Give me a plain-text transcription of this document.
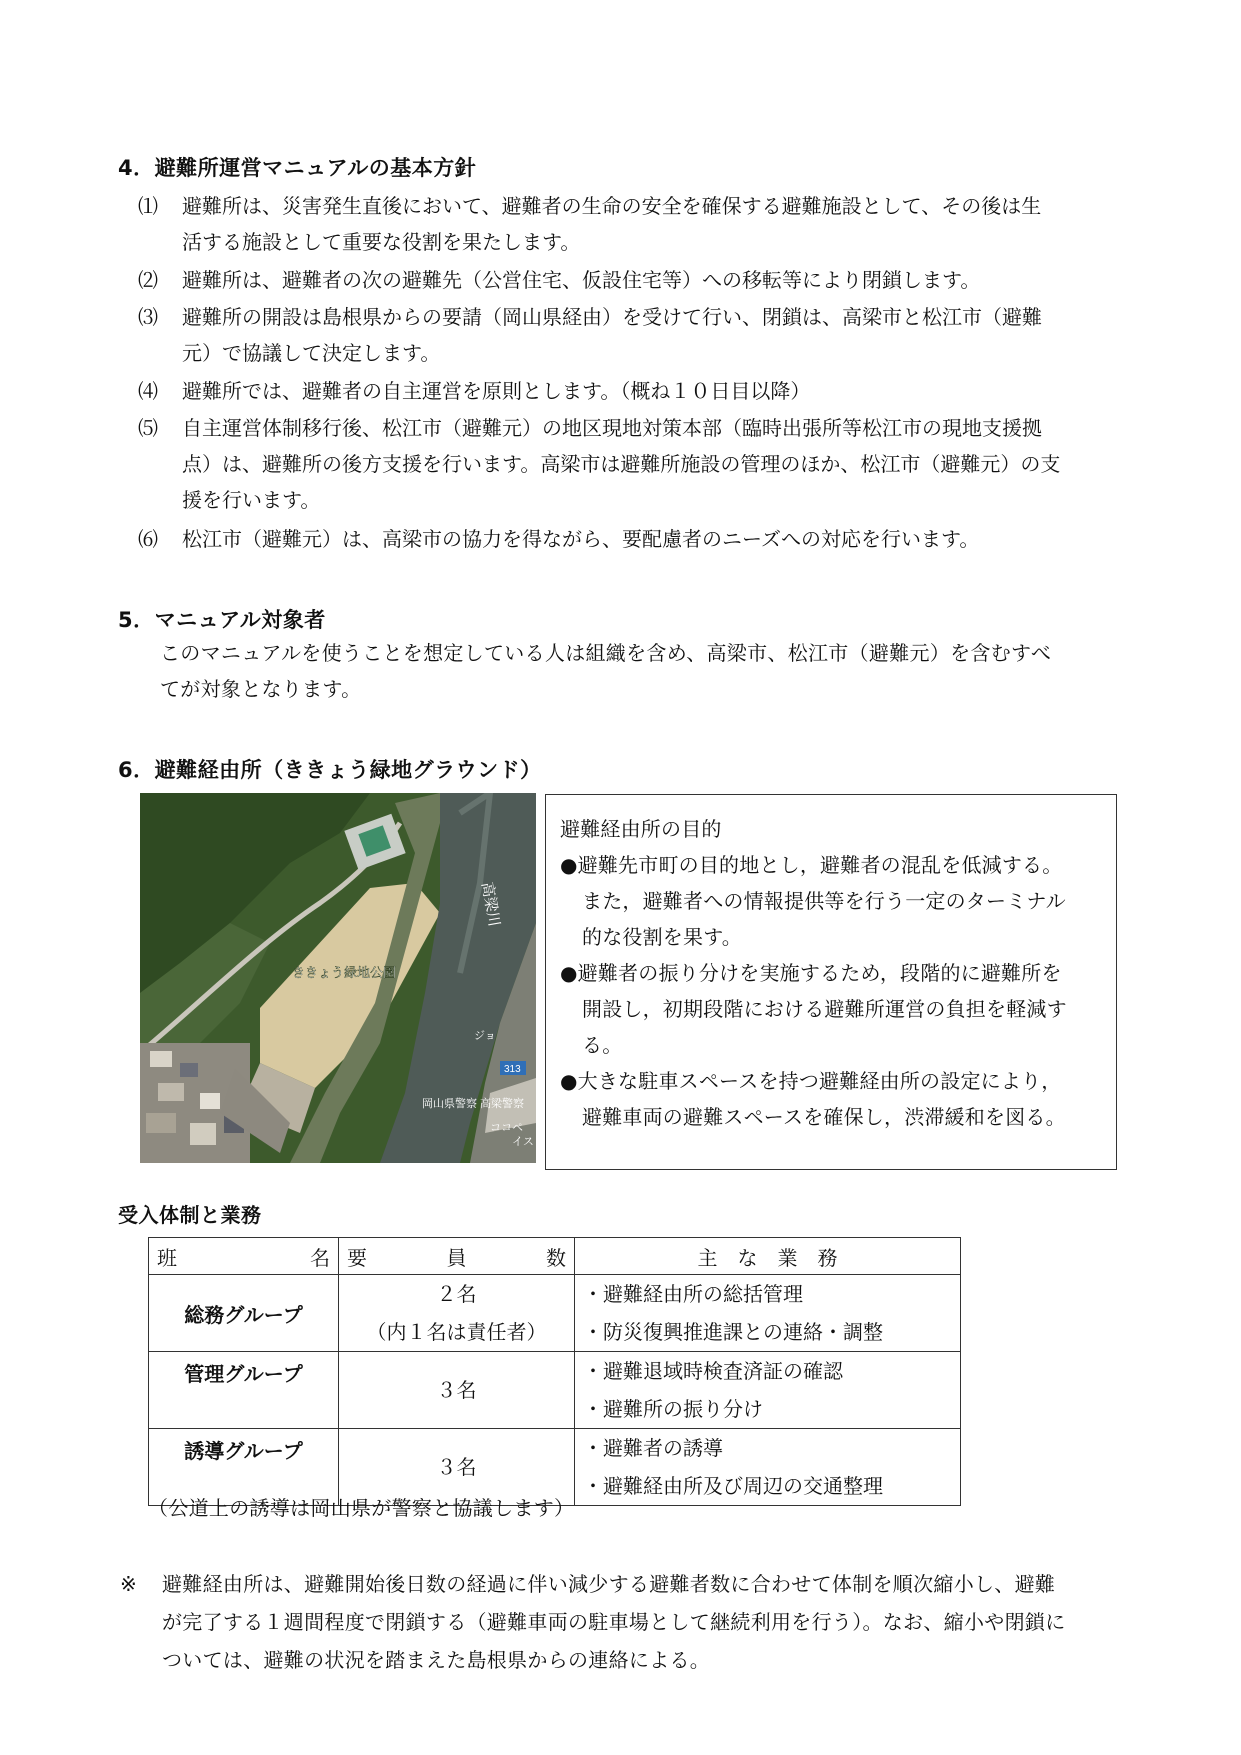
4．避難所運営マニュアルの基本方針
⑴	避難所は、災害発生直後において、避難者の生命の安全を確保する避難施設として、その後は生
活する施設として重要な役割を果たします。
⑵	避難所は、避難者の次の避難先（公営住宅、仮設住宅等）への移転等により閉鎖します。
⑶	避難所の開設は島根県からの要請（岡山県経由）を受けて行い、閉鎖は、高梁市と松江市（避難
元）で協議して決定します。
⑷	避難所では、避難者の自主運営を原則とします。（概ね１０日目以降）
⑸	自主運営体制移行後、松江市（避難元）の地区現地対策本部（臨時出張所等松江市の現地支援拠
点）は、避難所の後方支援を行います。高梁市は避難所施設の管理のほか、松江市（避難元）の支
援を行います。
⑹	松江市（避難元）は、高梁市の協力を得ながら、要配慮者のニーズへの対応を行います。
5．マニュアル対象者
このマニュアルを使うことを想定している人は組織を含め、高梁市、松江市（避難元）を含むすべ
てが対象となります。
6．避難経由所（ききょう緑地グラウンド）
高梁川
ききょう緑地公園
ジョ
313
岡山県警察 高梁警察
ココペ
イス
避難経由所の目的
●避難先市町の目的地とし，避難者の混乱を低減する。
また，避難者への情報提供等を行う一定のターミナル
的な役割を果す。
●避難者の振り分けを実施するため，段階的に避難所を
開設し，初期段階における避難所運営の負担を軽減す
る。
●大きな駐車スペースを持つ避難経由所の設定により，
避難車両の避難スペースを確保し，渋滞緩和を図る。
受入体制と業務
班 名	要 員 数	主　な　業　務
総務グループ	２名
（内１名は責任者）	・避難経由所の総括管理
・防災復興推進課との連絡・調整

管理グループ	３名	・避難退域時検査済証の確認
・避難所の振り分け

誘導グループ	３名	・避難者の誘導
・避難経由所及び周辺の交通整理
（公道上の誘導は岡山県が警察と協議します）
※ 避難経由所は、避難開始後日数の経過に伴い減少する避難者数に合わせて体制を順次縮小し、避難
が完了する１週間程度で閉鎖する（避難車両の駐車場として継続利用を行う）。なお、縮小や閉鎖に
ついては、避難の状況を踏まえた島根県からの連絡による。
